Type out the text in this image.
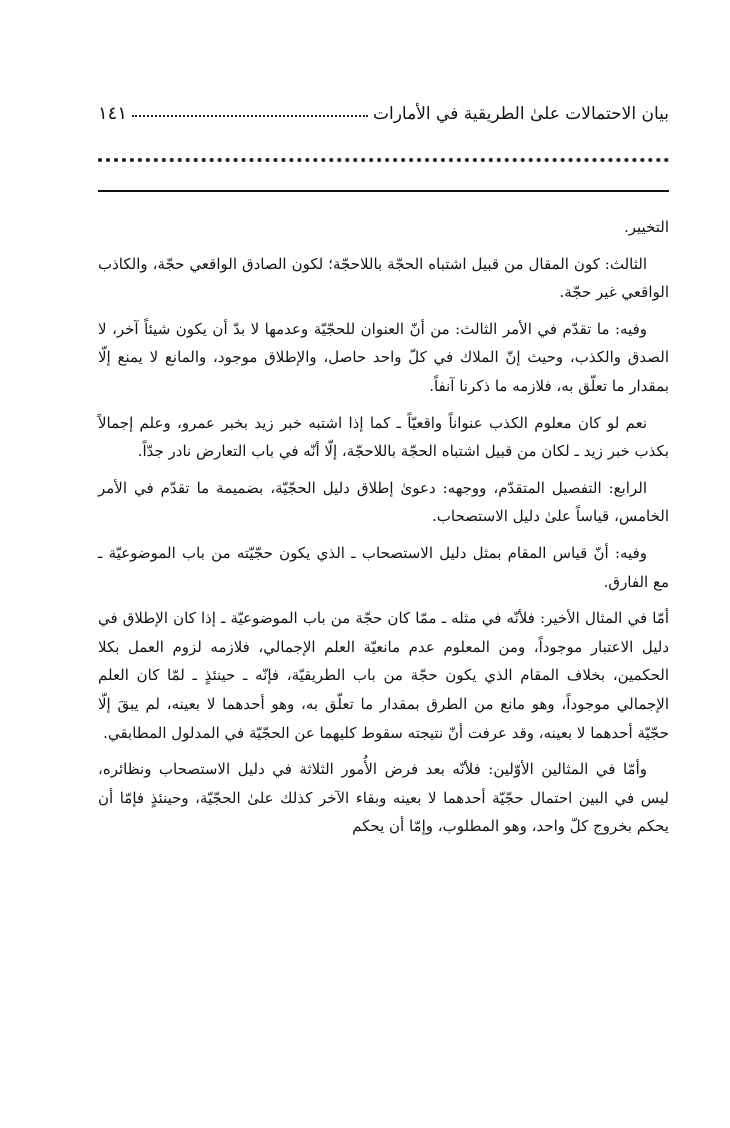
بيان الاحتمالات علىٰ الطريقية في الأمارات
١٤١

التخيير.

الثالث: كون المقال من قبيل اشتباه الحجّة باللاحجّة؛ لكون الصادق الواقعي حجّة، والكاذب الواقعي غير حجّة.

وفيه: ما تقدّم في الأمر الثالث: من أنّ العنوان للحجّيّة وعدمها لا بدّ أن يكون شيئاً آخر، لا الصدق والكذب، وحيث إنّ الملاك في كلّ واحد حاصل، والإطلاق موجود، والمانع لا يمنع إلّا بمقدار ما تعلّق به، فلازمه ما ذكرنا آنفاً.

نعم لو كان معلوم الكذب عنواناً واقعيّاً ـ كما إذا اشتبه خبر زيد بخبر عمرو، وعلم إجمالاً بكذب خبر زيد ـ لكان من قبيل اشتباه الحجّة باللاحجّة، إلّا أنّه في باب التعارض نادر جدّاً.

الرابع: التفصيل المتقدّم، ووجهه: دعوىٰ إطلاق دليل الحجّيّة، بضميمة ما تقدّم في الأمر الخامس، قياساً علىٰ دليل الاستصحاب.

وفيه: أنّ قياس المقام بمثل دليل الاستصحاب ـ الذي يكون حجّيّته من باب الموضوعيّة ـ مع الفارق.

أمّا في المثال الأخير: فلأنّه في مثله ـ ممّا كان حجّة من باب الموضوعيّة ـ إذا كان الإطلاق في دليل الاعتبار موجوداً، ومن المعلوم عدم مانعيّة العلم الإجمالي، فلازمه لزوم العمل بكلا الحكمين، بخلاف المقام الذي يكون حجّة من باب الطريقيّة، فإنّه ـ حينئذٍ ـ لمّا كان العلم الإجمالي موجوداً، وهو مانع من الطرق بمقدار ما تعلّق به، وهو أحدهما لا بعينه، لم يبقَ إلّا حجّيّة أحدهما لا بعينه، وقد عرفت أنّ نتيجته سقوط كليهما عن الحجّيّة في المدلول المطابقي.

وأمّا في المثالين الأوّلين: فلأنّه بعد فرض الأُمور الثلاثة في دليل الاستصحاب ونظائره، ليس في البين احتمال حجّيّة أحدهما لا بعينه وبقاء الآخر كذلك علىٰ الحجّيّة، وحينئذٍ فإمّا أن يحكم بخروج كلّ واحد، وهو المطلوب، وإمّا أن يحكم
